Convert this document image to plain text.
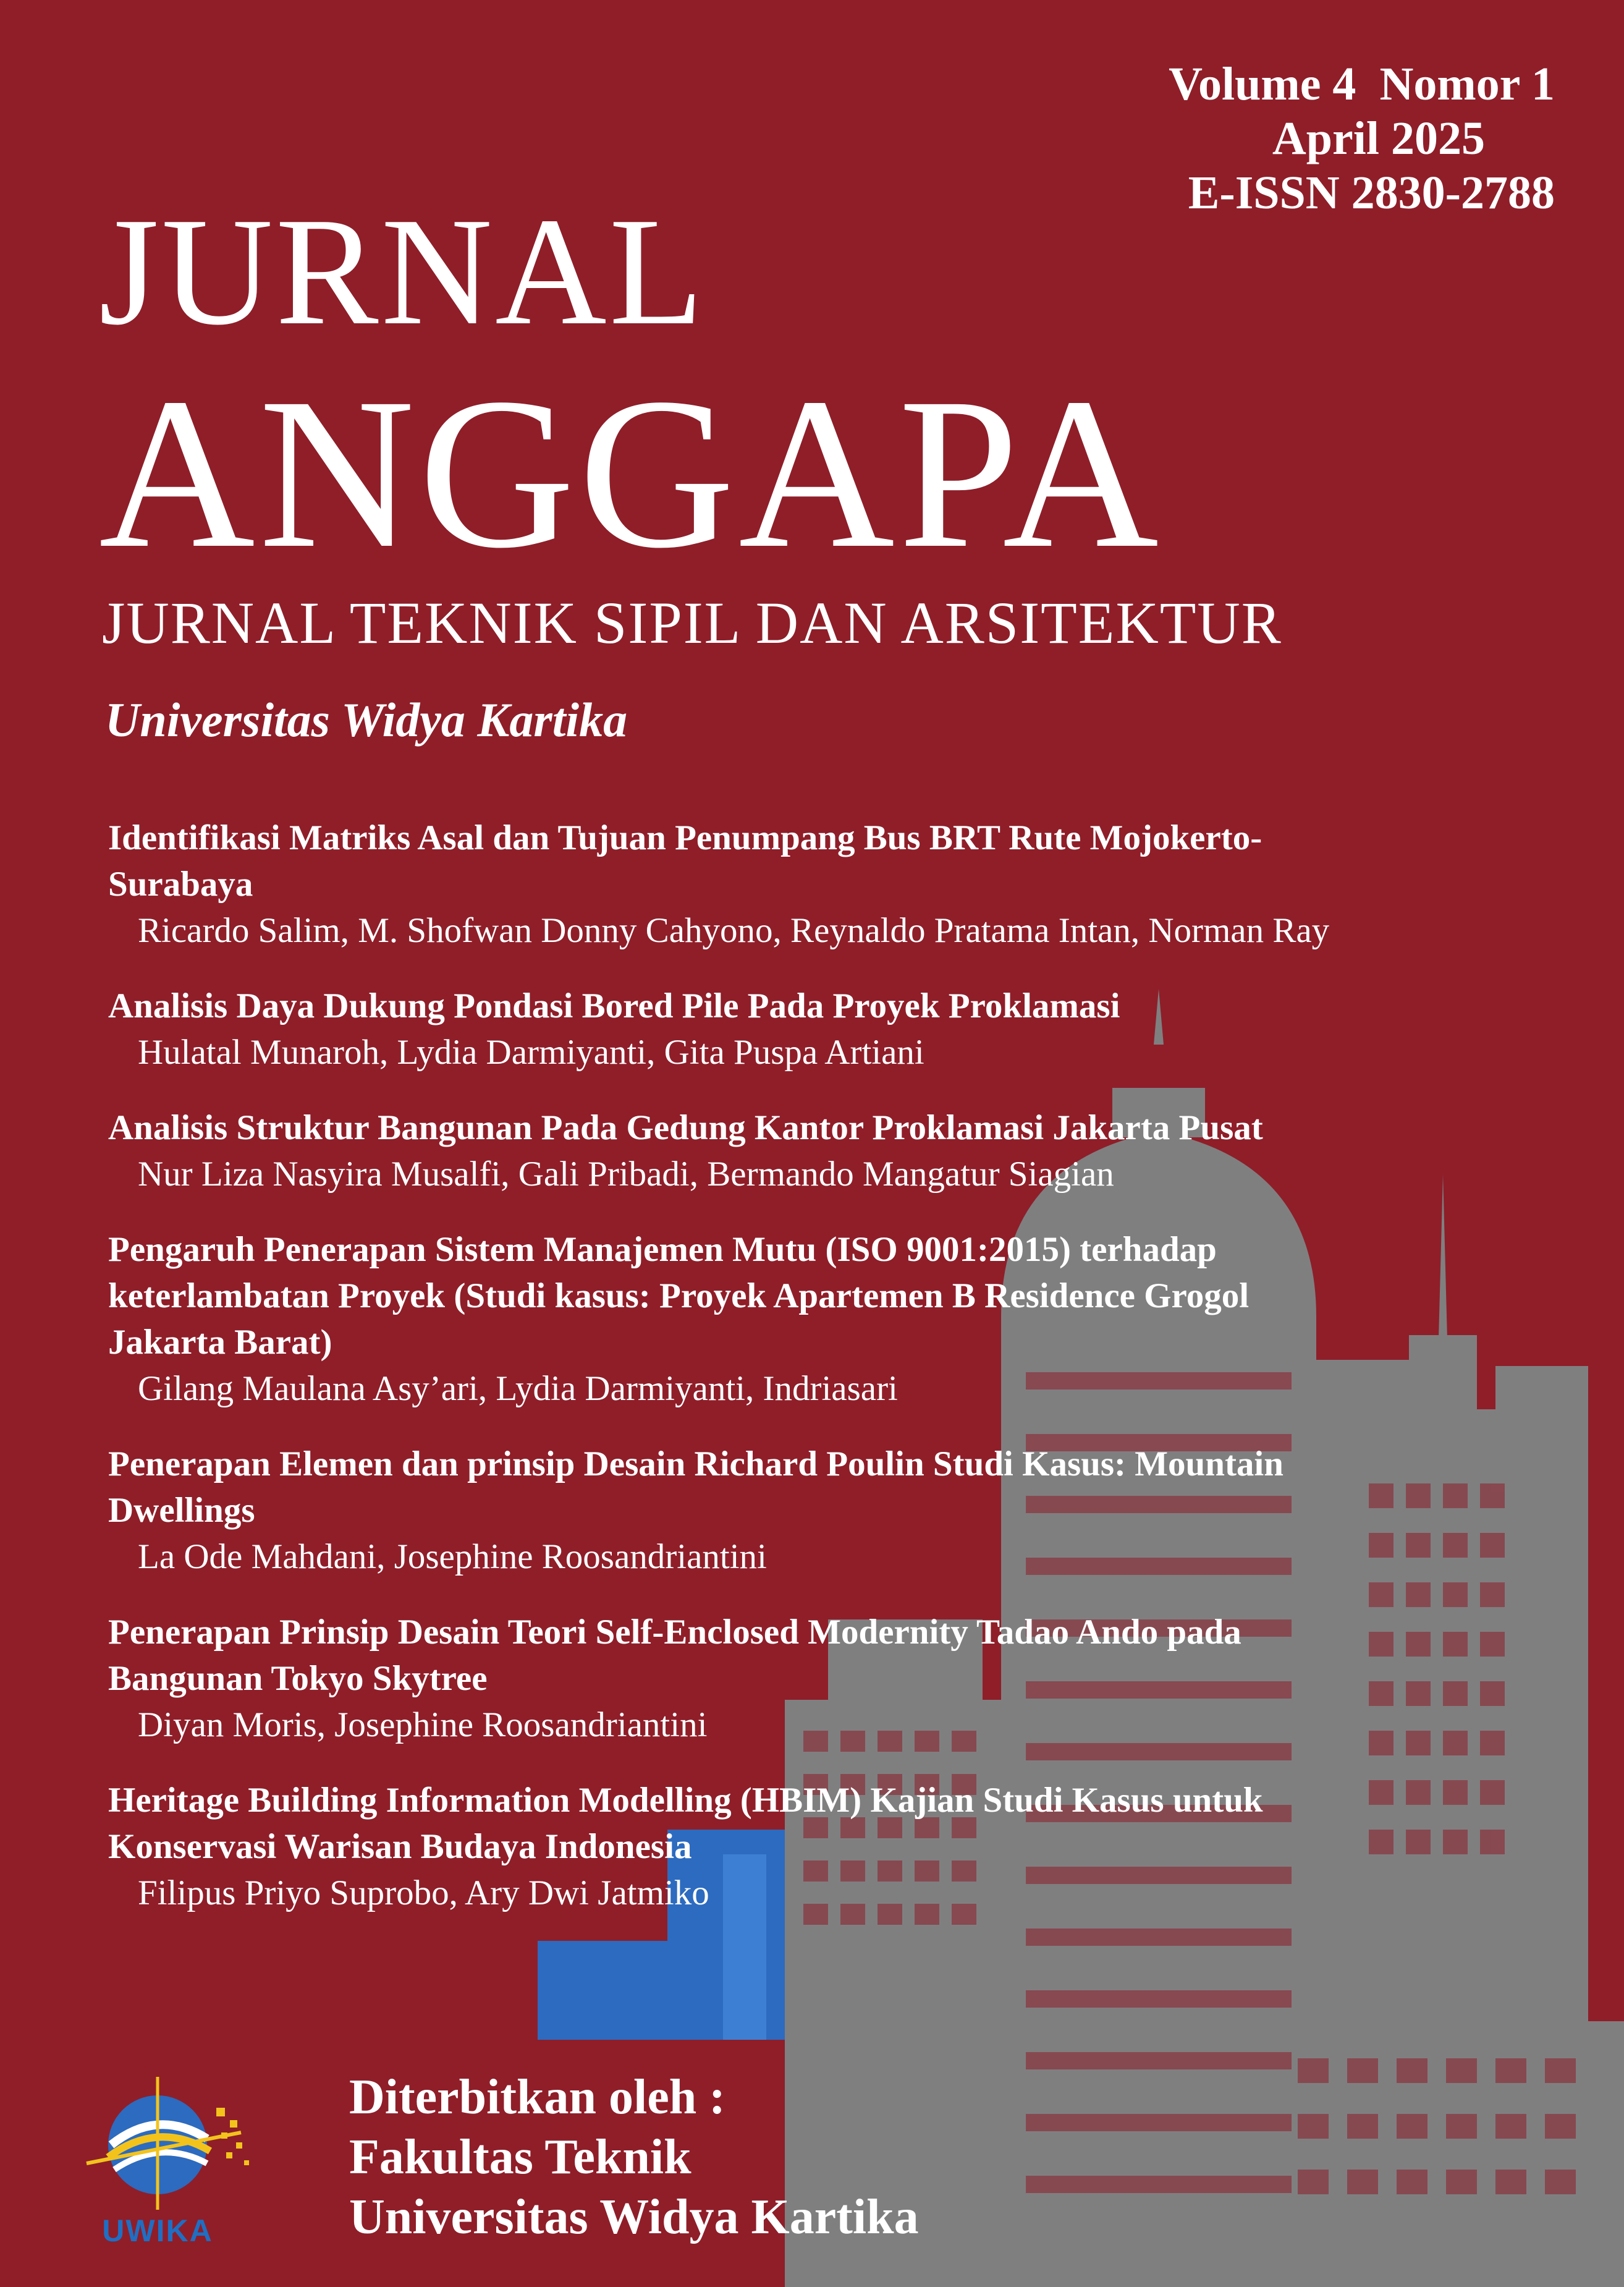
Volume 4 Nomor 1
April 2025
E-ISSN 2830-2788
JURNAL
ANGGAPA
JURNAL TEKNIK SIPIL DAN ARSITEKTUR
Universitas Widya Kartika
Identifikasi Matriks Asal dan Tujuan Penumpang Bus BRT Rute Mojokerto-
Surabaya
Ricardo Salim, M. Shofwan Donny Cahyono, Reynaldo Pratama Intan, Norman Ray
Analisis Daya Dukung Pondasi Bored Pile Pada Proyek Proklamasi
Hulatal Munaroh, Lydia Darmiyanti, Gita Puspa Artiani
Analisis Struktur Bangunan Pada Gedung Kantor Proklamasi Jakarta Pusat
Nur Liza Nasyira Musalfi, Gali Pribadi, Bermando Mangatur Siagian
Pengaruh Penerapan Sistem Manajemen Mutu (ISO 9001:2015) terhadap
keterlambatan Proyek (Studi kasus: Proyek Apartemen B Residence Grogol
Jakarta Barat)
Gilang Maulana Asy’ari, Lydia Darmiyanti, Indriasari
Penerapan Elemen dan prinsip Desain Richard Poulin Studi Kasus: Mountain
Dwellings
La Ode Mahdani, Josephine Roosandriantini
Penerapan Prinsip Desain Teori Self-Enclosed Modernity Tadao Ando pada
Bangunan Tokyo Skytree
Diyan Moris, Josephine Roosandriantini
Heritage Building Information Modelling (HBIM) Kajian Studi Kasus untuk
Konservasi Warisan Budaya Indonesia
Filipus Priyo Suprobo, Ary Dwi Jatmiko
UWIKA
Diterbitkan oleh :
Fakultas Teknik
Universitas Widya Kartika
